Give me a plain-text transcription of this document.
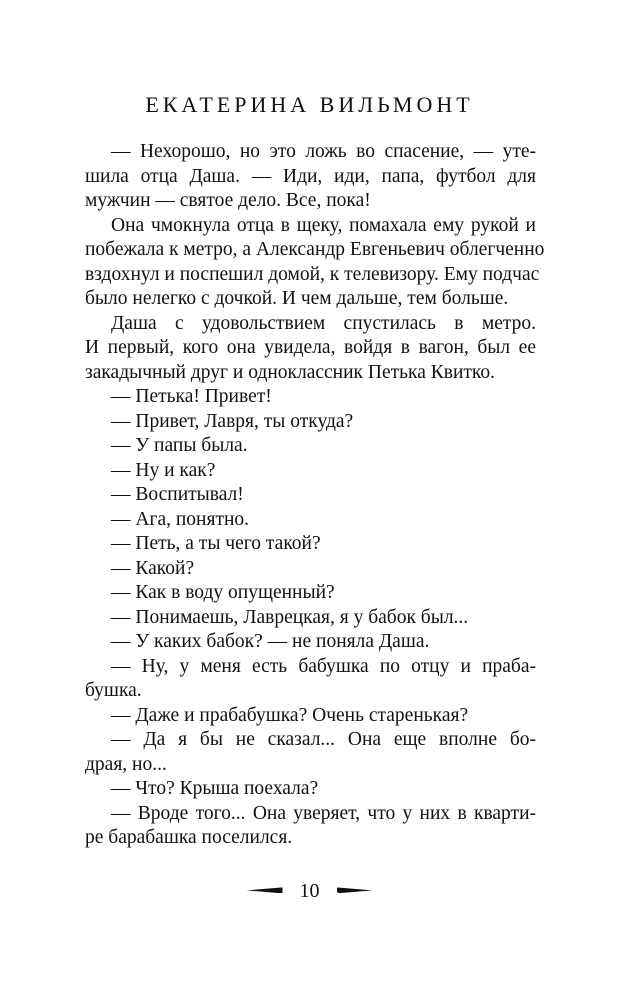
ЕКАТЕРИНА ВИЛЬМОНТ
— Нехорошо, но это ложь во спасение, — уте-
шила отца Даша. — Иди, иди, папа, футбол для
мужчин — святое дело. Все, пока!
Она чмокнула отца в щеку, помахала ему рукой и
побежала к метро, а Александр Евгеньевич облегченно
вздохнул и поспешил домой, к телевизору. Ему подчас
было нелегко с дочкой. И чем дальше, тем больше.
Даша с удовольствием спустилась в метро.
И первый, кого она увидела, войдя в вагон, был ее
закадычный друг и одноклассник Петька Квитко.
— Петька! Привет!
— Привет, Лавря, ты откуда?
— У папы была.
— Ну и как?
— Воспитывал!
— Ага, понятно.
— Петь, а ты чего такой?
— Какой?
— Как в воду опущенный?
— Понимаешь, Лаврецкая, я у бабок был...
— У каких бабок? — не поняла Даша.
— Ну, у меня есть бабушка по отцу и праба-
бушка.
— Даже и прабабушка? Очень старенькая?
— Да я бы не сказал... Она еще вполне бо-
драя, но...
— Что? Крыша поехала?
— Вроде того... Она уверяет, что у них в кварти-
ре барабашка поселился.
10
